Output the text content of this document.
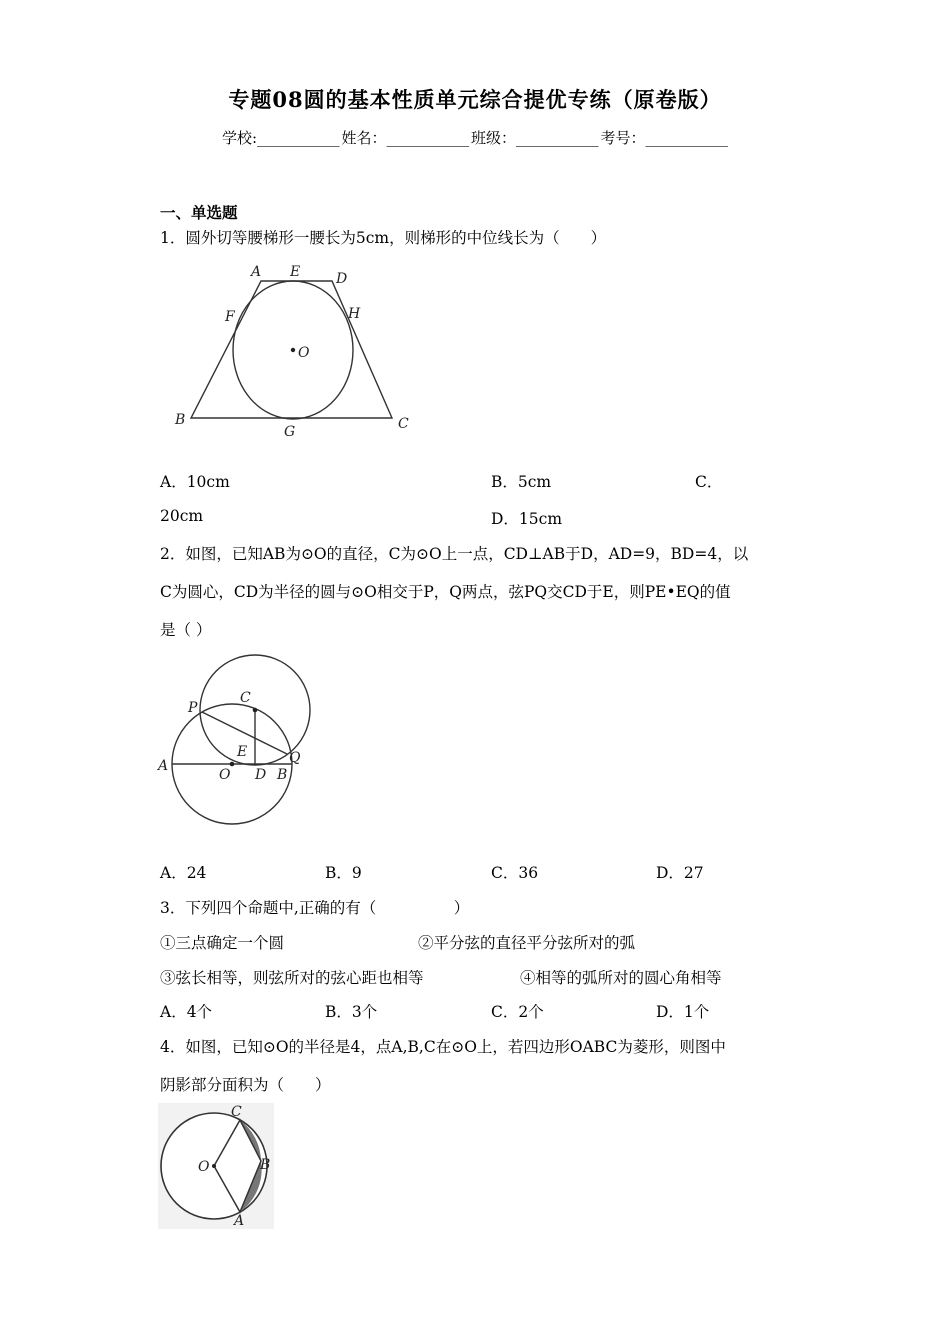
专题08圆的基本性质单元综合提优专练（原卷版）
学校:___________ 姓名：___________ 班级：___________ 考号：___________
一、单选题
1．圆外切等腰梯形一腰长为5cm，则梯形的中位线长为（　　）
A E	D
F	H
O
B
G	C
A．10cm	B．5cm	C．
20cm	D．15cm
2．如图，已知AB为⊙O的直径，C为⊙O上一点，CD⊥AB于D，AD=9，BD=4，以
C为圆心，CD为半径的圆与⊙O相交于P，Q两点，弦PQ交CD于E，则PE•EQ的值
是（ ）
C
P
E	Q
A
O D B
A．24	B．9	C．36	D．27
3．下列四个命题中,正确的有（　　　　　）
①三点确定一个圆	②平分弦的直径平分弦所对的弧
③弦长相等，则弦所对的弦心距也相等	④相等的弧所对的圆心角相等
A．4个	B．3个	C．2个	D．1个
4．如图，已知⊙O的半径是4，点A,B,C在⊙O上，若四边形OABC为菱形，则图中
阴影部分面积为（　　）
C
O	B
A
